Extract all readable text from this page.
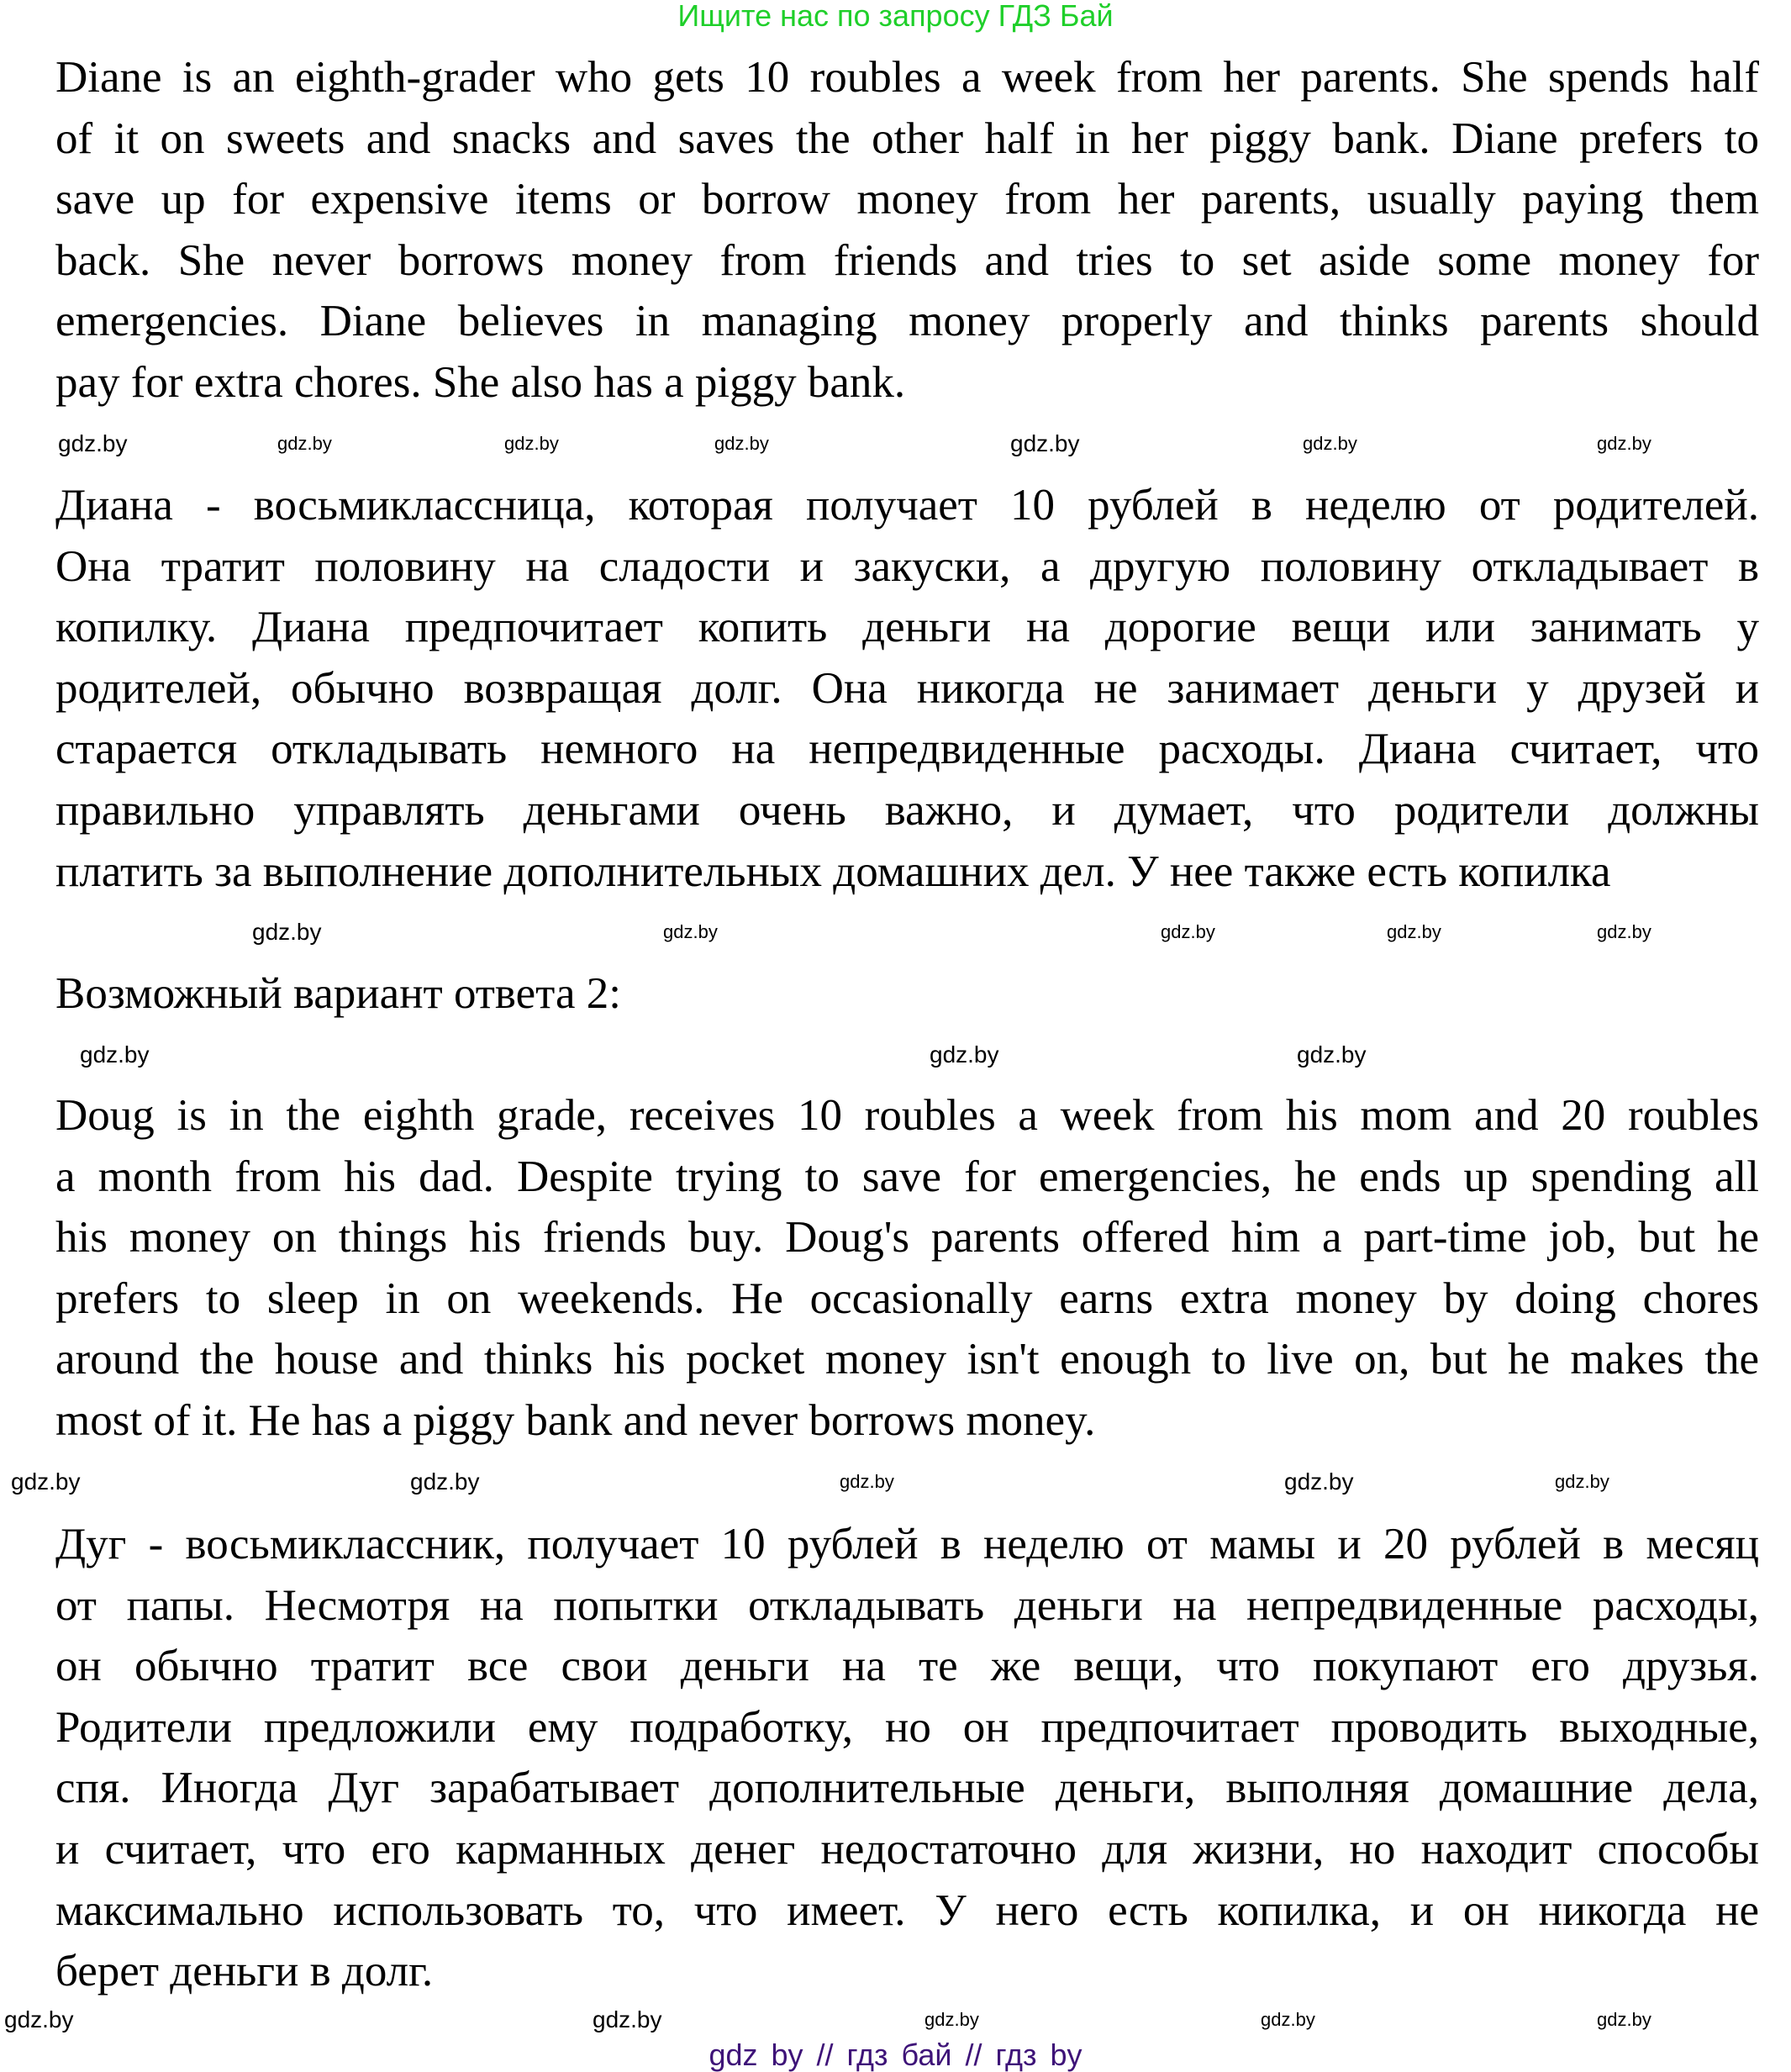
Ищите нас по запросу ГДЗ Бай
Diane is an eighth-grader who gets 10 roubles a week from her parents. She spends half
of it on sweets and snacks and saves the other half in her piggy bank. Diane prefers to
save up for expensive items or borrow money from her parents, usually paying them
back. She never borrows money from friends and tries to set aside some money for
emergencies. Diane believes in managing money properly and thinks parents should
pay for extra chores. She also has a piggy bank.
Диана - восьмиклассница, которая получает 10 рублей в неделю от родителей.
Она тратит половину на сладости и закуски, а другую половину откладывает в
копилку. Диана предпочитает копить деньги на дорогие вещи или занимать у
родителей, обычно возвращая долг. Она никогда не занимает деньги у друзей и
старается откладывать немного на непредвиденные расходы. Диана считает, что
правильно управлять деньгами очень важно, и думает, что родители должны
платить за выполнение дополнительных домашних дел. У нее также есть копилка
Возможный вариант ответа 2:
Doug is in the eighth grade, receives 10 roubles a week from his mom and 20 roubles
a month from his dad. Despite trying to save for emergencies, he ends up spending all
his money on things his friends buy. Doug's parents offered him a part-time job, but he
prefers to sleep in on weekends. He occasionally earns extra money by doing chores
around the house and thinks his pocket money isn't enough to live on, but he makes the
most of it. He has a piggy bank and never borrows money.
Дуг - восьмиклассник, получает 10 рублей в неделю от мамы и 20 рублей в месяц
от папы. Несмотря на попытки откладывать деньги на непредвиденные расходы,
он обычно тратит все свои деньги на те же вещи, что покупают его друзья.
Родители предложили ему подработку, но он предпочитает проводить выходные,
спя. Иногда Дуг зарабатывает дополнительные деньги, выполняя домашние дела,
и считает, что его карманных денег недостаточно для жизни, но находит способы
максимально использовать то, что имеет. У него есть копилка, и он никогда не
берет деньги в долг.
gdz.by	gdz.by	gdz.by	gdz.by	gdz.by	gdz.by	gdz.by
gdz.by	gdz.by	gdz.by	gdz.by	gdz.by
gdz.by	gdz.by	gdz.by
gdz.by	gdz.by	gdz.by	gdz.by	gdz.by
gdz.by	gdz.by	gdz.by	gdz.by	gdz.by
gdz by // гдз бай // гдз by
